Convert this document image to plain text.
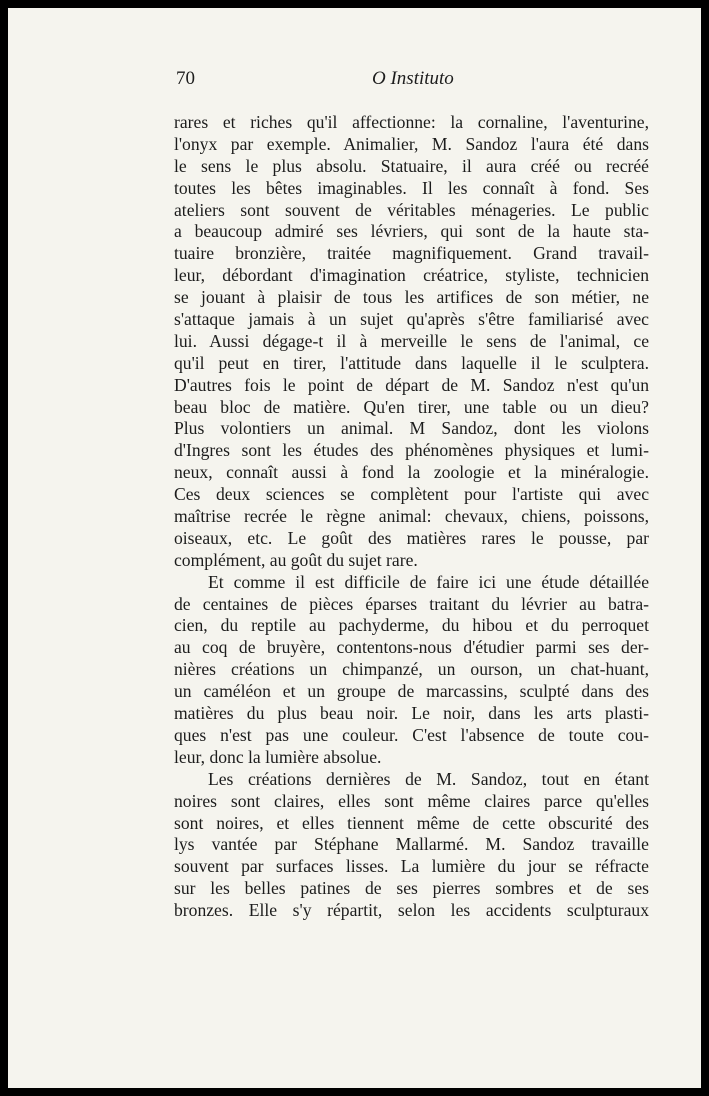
70	O Instituto
rares et riches qu'il affectionne: la cornaline, l'aventurine,
l'onyx par exemple. Animalier, M. Sandoz l'aura été dans
le sens le plus absolu. Statuaire, il aura créé ou recréé
toutes les bêtes imaginables. Il les connaît à fond. Ses
ateliers sont souvent de véritables ménageries. Le public
a beaucoup admiré ses lévriers, qui sont de la haute sta-
tuaire bronzière, traitée magnifiquement. Grand travail-
leur, débordant d'imagination créatrice, styliste, technicien
se jouant à plaisir de tous les artifices de son métier, ne
s'attaque jamais à un sujet qu'après s'être familiarisé avec
lui. Aussi dégage-t il à merveille le sens de l'animal, ce
qu'il peut en tirer, l'attitude dans laquelle il le sculptera.
D'autres fois le point de départ de M. Sandoz n'est qu'un
beau bloc de matière. Qu'en tirer, une table ou un dieu?
Plus volontiers un animal. M Sandoz, dont les violons
d'Ingres sont les études des phénomènes physiques et lumi-
neux, connaît aussi à fond la zoologie et la minéralogie.
Ces deux sciences se complètent pour l'artiste qui avec
maîtrise recrée le règne animal: chevaux, chiens, poissons,
oiseaux, etc. Le goût des matières rares le pousse, par
complément, au goût du sujet rare.
Et comme il est difficile de faire ici une étude détaillée
de centaines de pièces éparses traitant du lévrier au batra-
cien, du reptile au pachyderme, du hibou et du perroquet
au coq de bruyère, contentons-nous d'étudier parmi ses der-
nières créations un chimpanzé, un ourson, un chat-huant,
un caméléon et un groupe de marcassins, sculpté dans des
matières du plus beau noir. Le noir, dans les arts plasti-
ques n'est pas une couleur. C'est l'absence de toute cou-
leur, donc la lumière absolue.
Les créations dernières de M. Sandoz, tout en étant
noires sont claires, elles sont même claires parce qu'elles
sont noires, et elles tiennent même de cette obscurité des
lys vantée par Stéphane Mallarmé. M. Sandoz travaille
souvent par surfaces lisses. La lumière du jour se réfracte
sur les belles patines de ses pierres sombres et de ses
bronzes. Elle s'y répartit, selon les accidents sculpturaux
